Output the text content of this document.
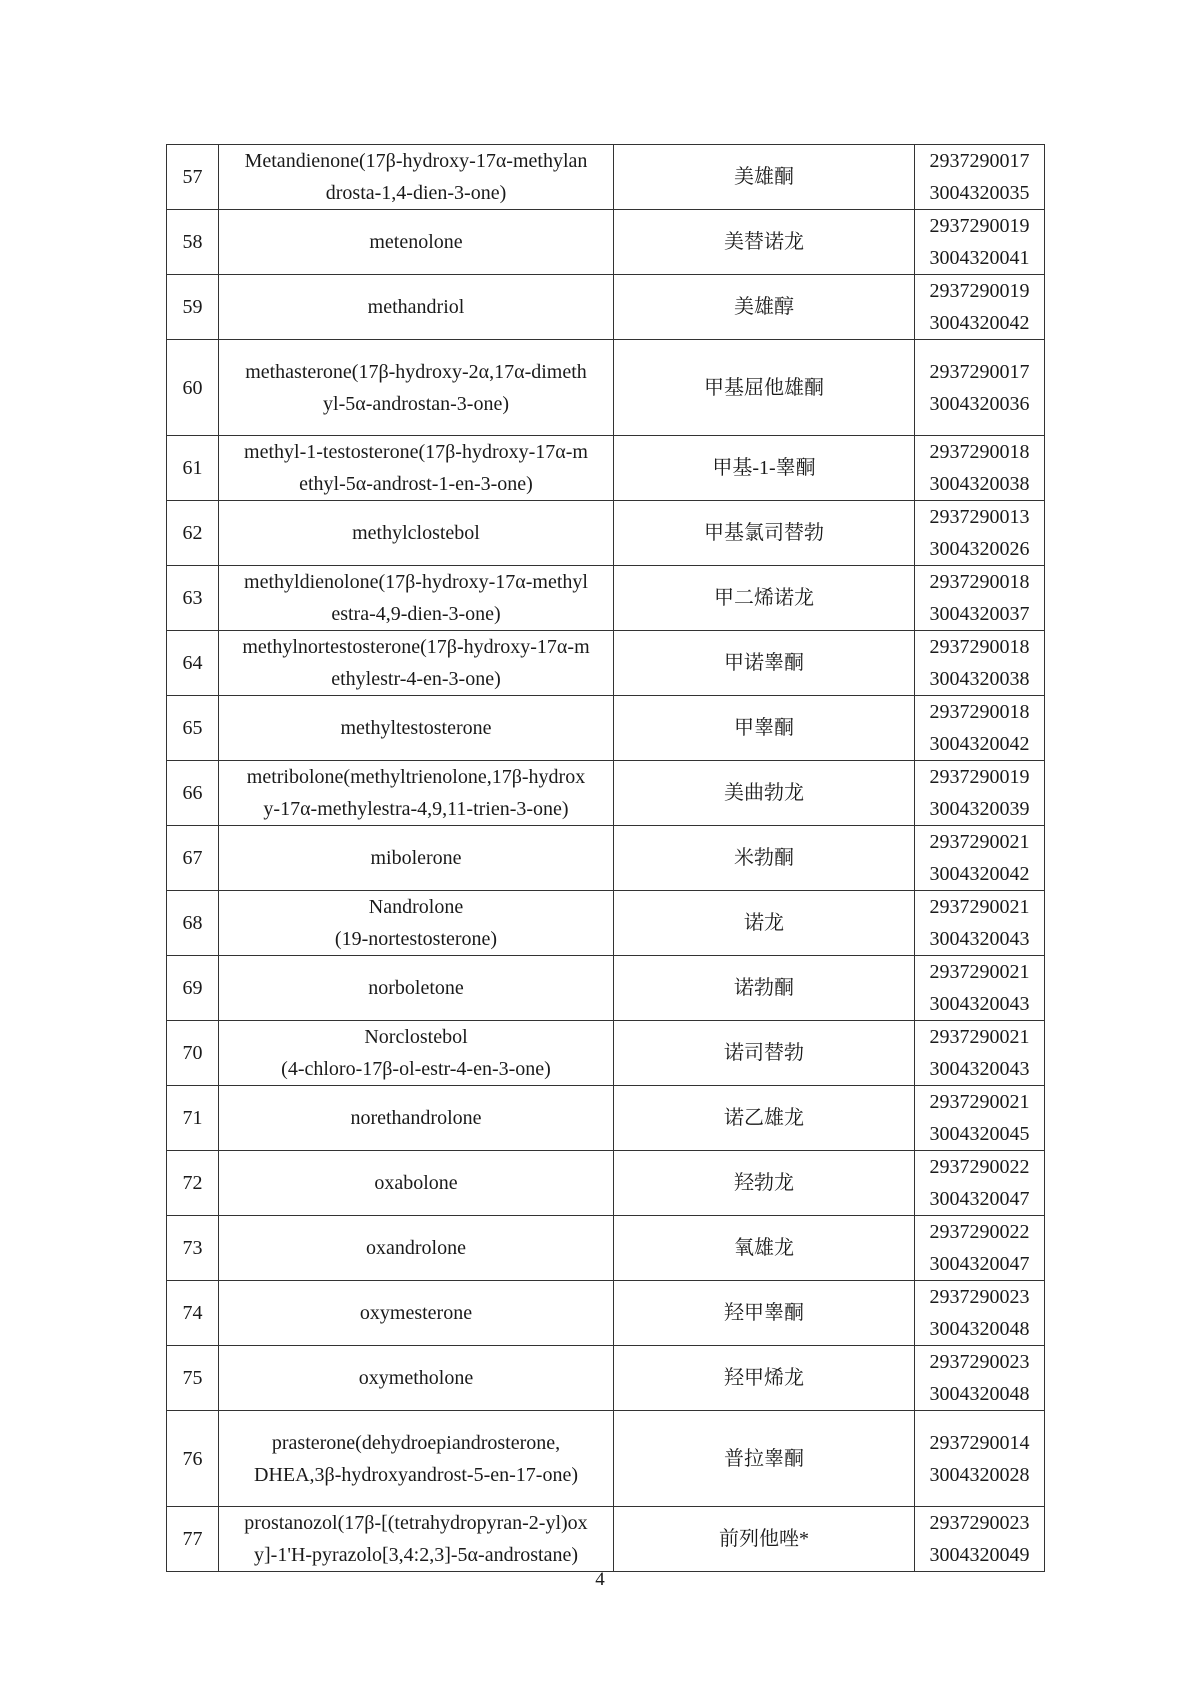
57	Metandienone(17β-hydroxy-17α-methylan
drosta-1,4-dien-3-one)	美雄酮	2937290017
3004320035

58	metenolone	美替诺龙	2937290019
3004320041

59	methandriol	美雄醇	2937290019
3004320042

60	methasterone(17β-hydroxy-2α,17α-dimeth
yl-5α-androstan-3-one)	甲基屈他雄酮	2937290017
3004320036

61	methyl-1-testosterone(17β-hydroxy-17α-m
ethyl-5α-androst-1-en-3-one)	甲基-1-睾酮	2937290018
3004320038

62	methylclostebol	甲基氯司替勃	2937290013
3004320026

63	methyldienolone(17β-hydroxy-17α-methyl
estra-4,9-dien-3-one)	甲二烯诺龙	2937290018
3004320037

64	methylnortestosterone(17β-hydroxy-17α-m
ethylestr-4-en-3-one)	甲诺睾酮	2937290018
3004320038

65	methyltestosterone	甲睾酮	2937290018
3004320042

66	metribolone(methyltrienolone,17β-hydrox
y-17α-methylestra-4,9,11-trien-3-one)	美曲勃龙	2937290019
3004320039

67	mibolerone	米勃酮	2937290021
3004320042

68	Nandrolone
(19-nortestosterone)	诺龙	2937290021
3004320043

69	norboletone	诺勃酮	2937290021
3004320043

70	Norclostebol
(4-chloro-17β-ol-estr-4-en-3-one)	诺司替勃	2937290021
3004320043

71	norethandrolone	诺乙雄龙	2937290021
3004320045

72	oxabolone	羟勃龙	2937290022
3004320047

73	oxandrolone	氧雄龙	2937290022
3004320047

74	oxymesterone	羟甲睾酮	2937290023
3004320048

75	oxymetholone	羟甲烯龙	2937290023
3004320048

76	prasterone(dehydroepiandrosterone,
DHEA,3β-hydroxyandrost-5-en-17-one)	普拉睾酮	2937290014
3004320028

77	prostanozol(17β-[(tetrahydropyran-2-yl)ox
y]-1'H-pyrazolo[3,4:2,3]-5α-androstane)	前列他唑*	2937290023
3004320049
4
